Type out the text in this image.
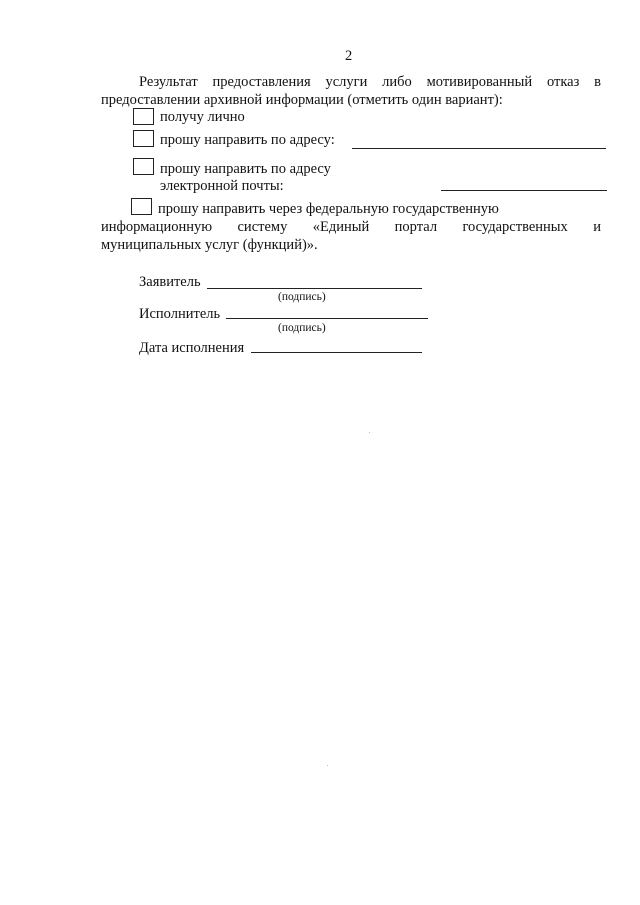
2
Результат предоставления услуги либо мотивированный отказ в
предоставлении архивной информации (отметить один вариант):
получу лично
прошу направить по адресу:
прошу направить по адресу
электронной почты:
прошу направить через федеральную государственную
информационную систему «Единый портал государственных и
муниципальных услуг (функций)».
Заявитель
(подпись)
Исполнитель
(подпись)
Дата исполнения
